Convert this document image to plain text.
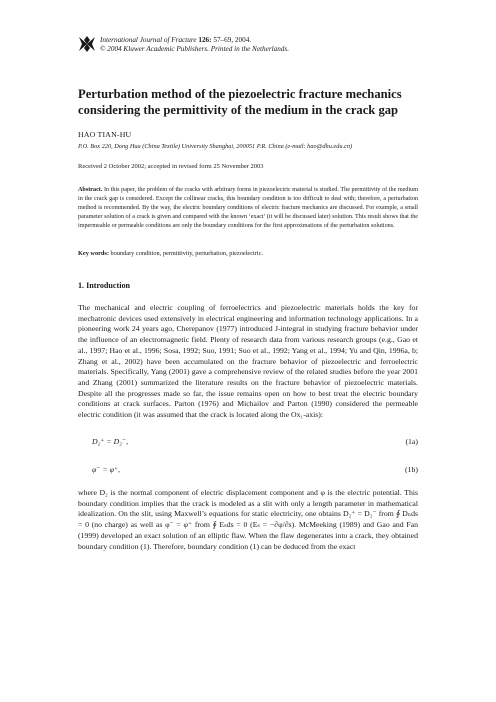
International Journal of Fracture 126: 57–69, 2004.
© 2004 Kluwer Academic Publishers. Printed in the Netherlands.
Perturbation method of the piezoelectric fracture mechanics considering the permittivity of the medium in the crack gap
HAO TIAN-HU
P.O. Box 220, Dong Hua (China Textile) University Shanghai, 200051 P.R. China (e-mail: hao@dhu.edu.cn)
Received 2 October 2002; accepted in revised form 25 November 2003
Abstract. In this paper, the problem of the cracks with arbitrary forms in piezoelectric material is studied. The permittivity of the medium in the crack gap is considered. Except the collinear cracks, this boundary condition is too difficult to deal with; therefore, a perturbation method is recommended. By the way, the electric boundary conditions of electric fracture mechanics are discussed. For example, a small parameter solution of a crack is given and compared with the known ‘exact’ (it will be discussed later) solution. This result shows that the impermeable or permeable conditions are only the boundary conditions for the first approximations of the perturbation solutions.
Key words: boundary condition, permittivity, perturbation, piezoelectric.
1. Introduction
The mechanical and electric coupling of ferroelectrics and piezoelectric materials holds the key for mechatronic devices used extensively in electrical engineering and information technology applications. In a pioneering work 24 years ago, Cherepanov (1977) introduced J-integral in studying fracture behavior under the influence of an electromagnetic field. Plenty of research data from various research groups (e.g., Gao et al., 1997; Hao et al., 1996; Sosa, 1992; Suo, 1991; Suo et al., 1992; Yang et al., 1994; Yu and Qin, 1996a, b; Zhang et al., 2002) have been accumulated on the fracture behavior of piezoelectric and ferroelectric materials. Specifically, Yang (2001) gave a comprehensive review of the related studies before the year 2001 and Zhang (2001) summarized the literature results on the fracture behavior of piezoelectric materials. Despite all the progresses made so far, the issue remains open on how to best treat the electric boundary conditions at crack surfaces. Parton (1976) and Michailov and Parton (1990) considered the permeable electric condition (it was assumed that the crack is located along the Ox₁-axis):
D₂⁺ = D₂⁻,	(1a)
φ⁻ = φ⁺,	(1b)
where D₂ is the normal component of electric displacement component and φ is the electric potential. This boundary condition implies that the crack is modeled as a slit with only a length parameter in mathematical idealization. On the slit, using Maxwell’s equations for static electricity, one obtains D₂⁺ = D₂⁻ from ∮ Dₙds = 0 (no charge) as well as φ⁻ = φ⁺ from ∮ Eₛds = 0 (Eₛ = −∂φ/∂s). McMeeking (1989) and Gao and Fan (1999) developed an exact solution of an elliptic flaw. When the flaw degenerates into a crack, they obtained boundary condition (1). Therefore, boundary condition (1) can be deduced from the exact
